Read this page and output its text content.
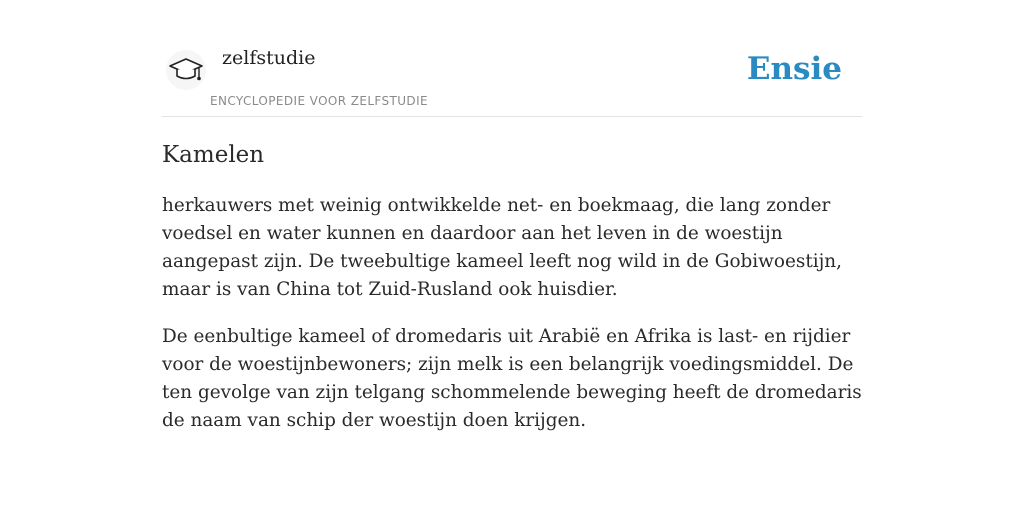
zelfstudie
ENCYCLOPEDIE VOOR ZELFSTUDIE
Ensie
Kamelen

herkauwers met weinig ontwikkelde net- en boekmaag, die lang zonder voedsel en water kunnen en daardoor aan het leven in de woestijn aangepast zijn. De tweebultige kameel leeft nog wild in de Gobiwoestijn, maar is van China tot Zuid-Rusland ook huisdier.

De eenbultige kameel of dromedaris uit Arabië en Afrika is last- en rijdier voor de woestijnbewoners; zijn melk is een belangrijk voedingsmiddel. De ten gevolge van zijn telgang schommelende beweging heeft de dromedaris de naam van schip der woestijn doen krijgen.
